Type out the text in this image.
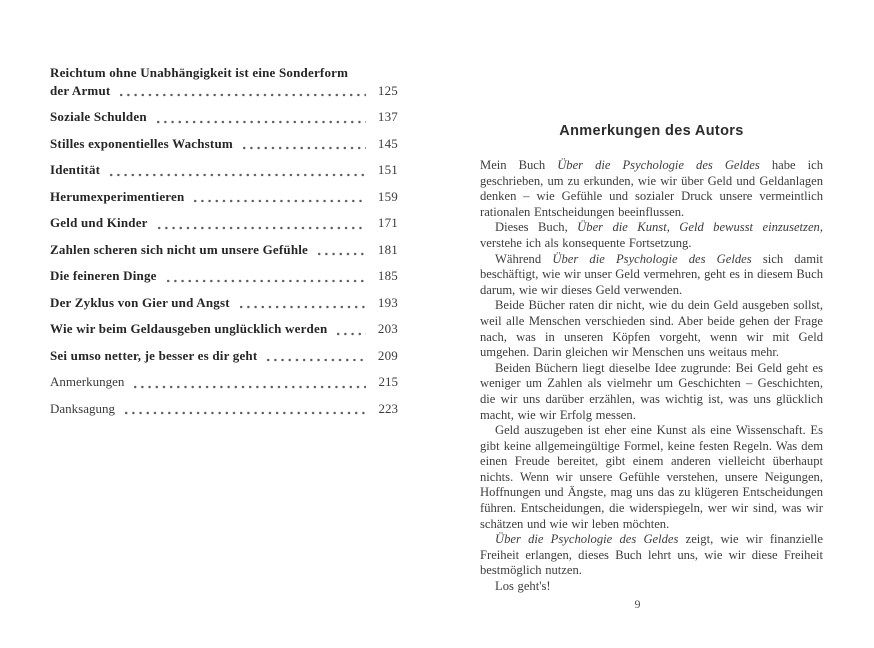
Reichtum ohne Unabhängigkeit ist eine Sonderform
der Armut	125
Soziale Schulden	137
Stilles exponentielles Wachstum	145
Identität	151
Herumexperimentieren	159
Geld und Kinder	171
Zahlen scheren sich nicht um unsere Gefühle	181
Die feineren Dinge	185
Der Zyklus von Gier und Angst	193
Wie wir beim Geldausgeben unglücklich werden	203
Sei umso netter, je besser es dir geht	209
Anmerkungen	215
Danksagung	223
Anmerkungen des Autors

Mein Buch Über die Psychologie des Geldes habe ich geschrieben, um zu erkunden, wie wir über Geld und Geldanlagen denken – wie Gefühle und sozialer Druck unsere vermeintlich rationalen Entscheidungen beeinflussen.

Dieses Buch, Über die Kunst, Geld bewusst einzusetzen, verstehe ich als konsequente Fortsetzung.

Während Über die Psychologie des Geldes sich damit beschäftigt, wie wir unser Geld vermehren, geht es in diesem Buch darum, wie wir dieses Geld verwenden.

Beide Bücher raten dir nicht, wie du dein Geld ausgeben sollst, weil alle Menschen verschieden sind. Aber beide gehen der Frage nach, was in unseren Köpfen vorgeht, wenn wir mit Geld umgehen. Darin gleichen wir Menschen uns weitaus mehr.

Beiden Büchern liegt dieselbe Idee zugrunde: Bei Geld geht es weniger um Zahlen als vielmehr um Geschichten – Geschichten, die wir uns darüber erzählen, was wichtig ist, was uns glücklich macht, wie wir Erfolg messen.

Geld auszugeben ist eher eine Kunst als eine Wissenschaft. Es gibt keine allgemeingültige Formel, keine festen Regeln. Was dem einen Freude bereitet, gibt einem anderen vielleicht überhaupt nichts. Wenn wir unsere Gefühle verstehen, unsere Neigungen, Hoffnungen und Ängste, mag uns das zu klügeren Entscheidungen führen. Entscheidungen, die widerspiegeln, wer wir sind, was wir schätzen und wie wir leben möchten.

Über die Psychologie des Geldes zeigt, wie wir finanzielle Freiheit erlangen, dieses Buch lehrt uns, wie wir diese Freiheit bestmöglich nutzen.

Los geht's!

9
